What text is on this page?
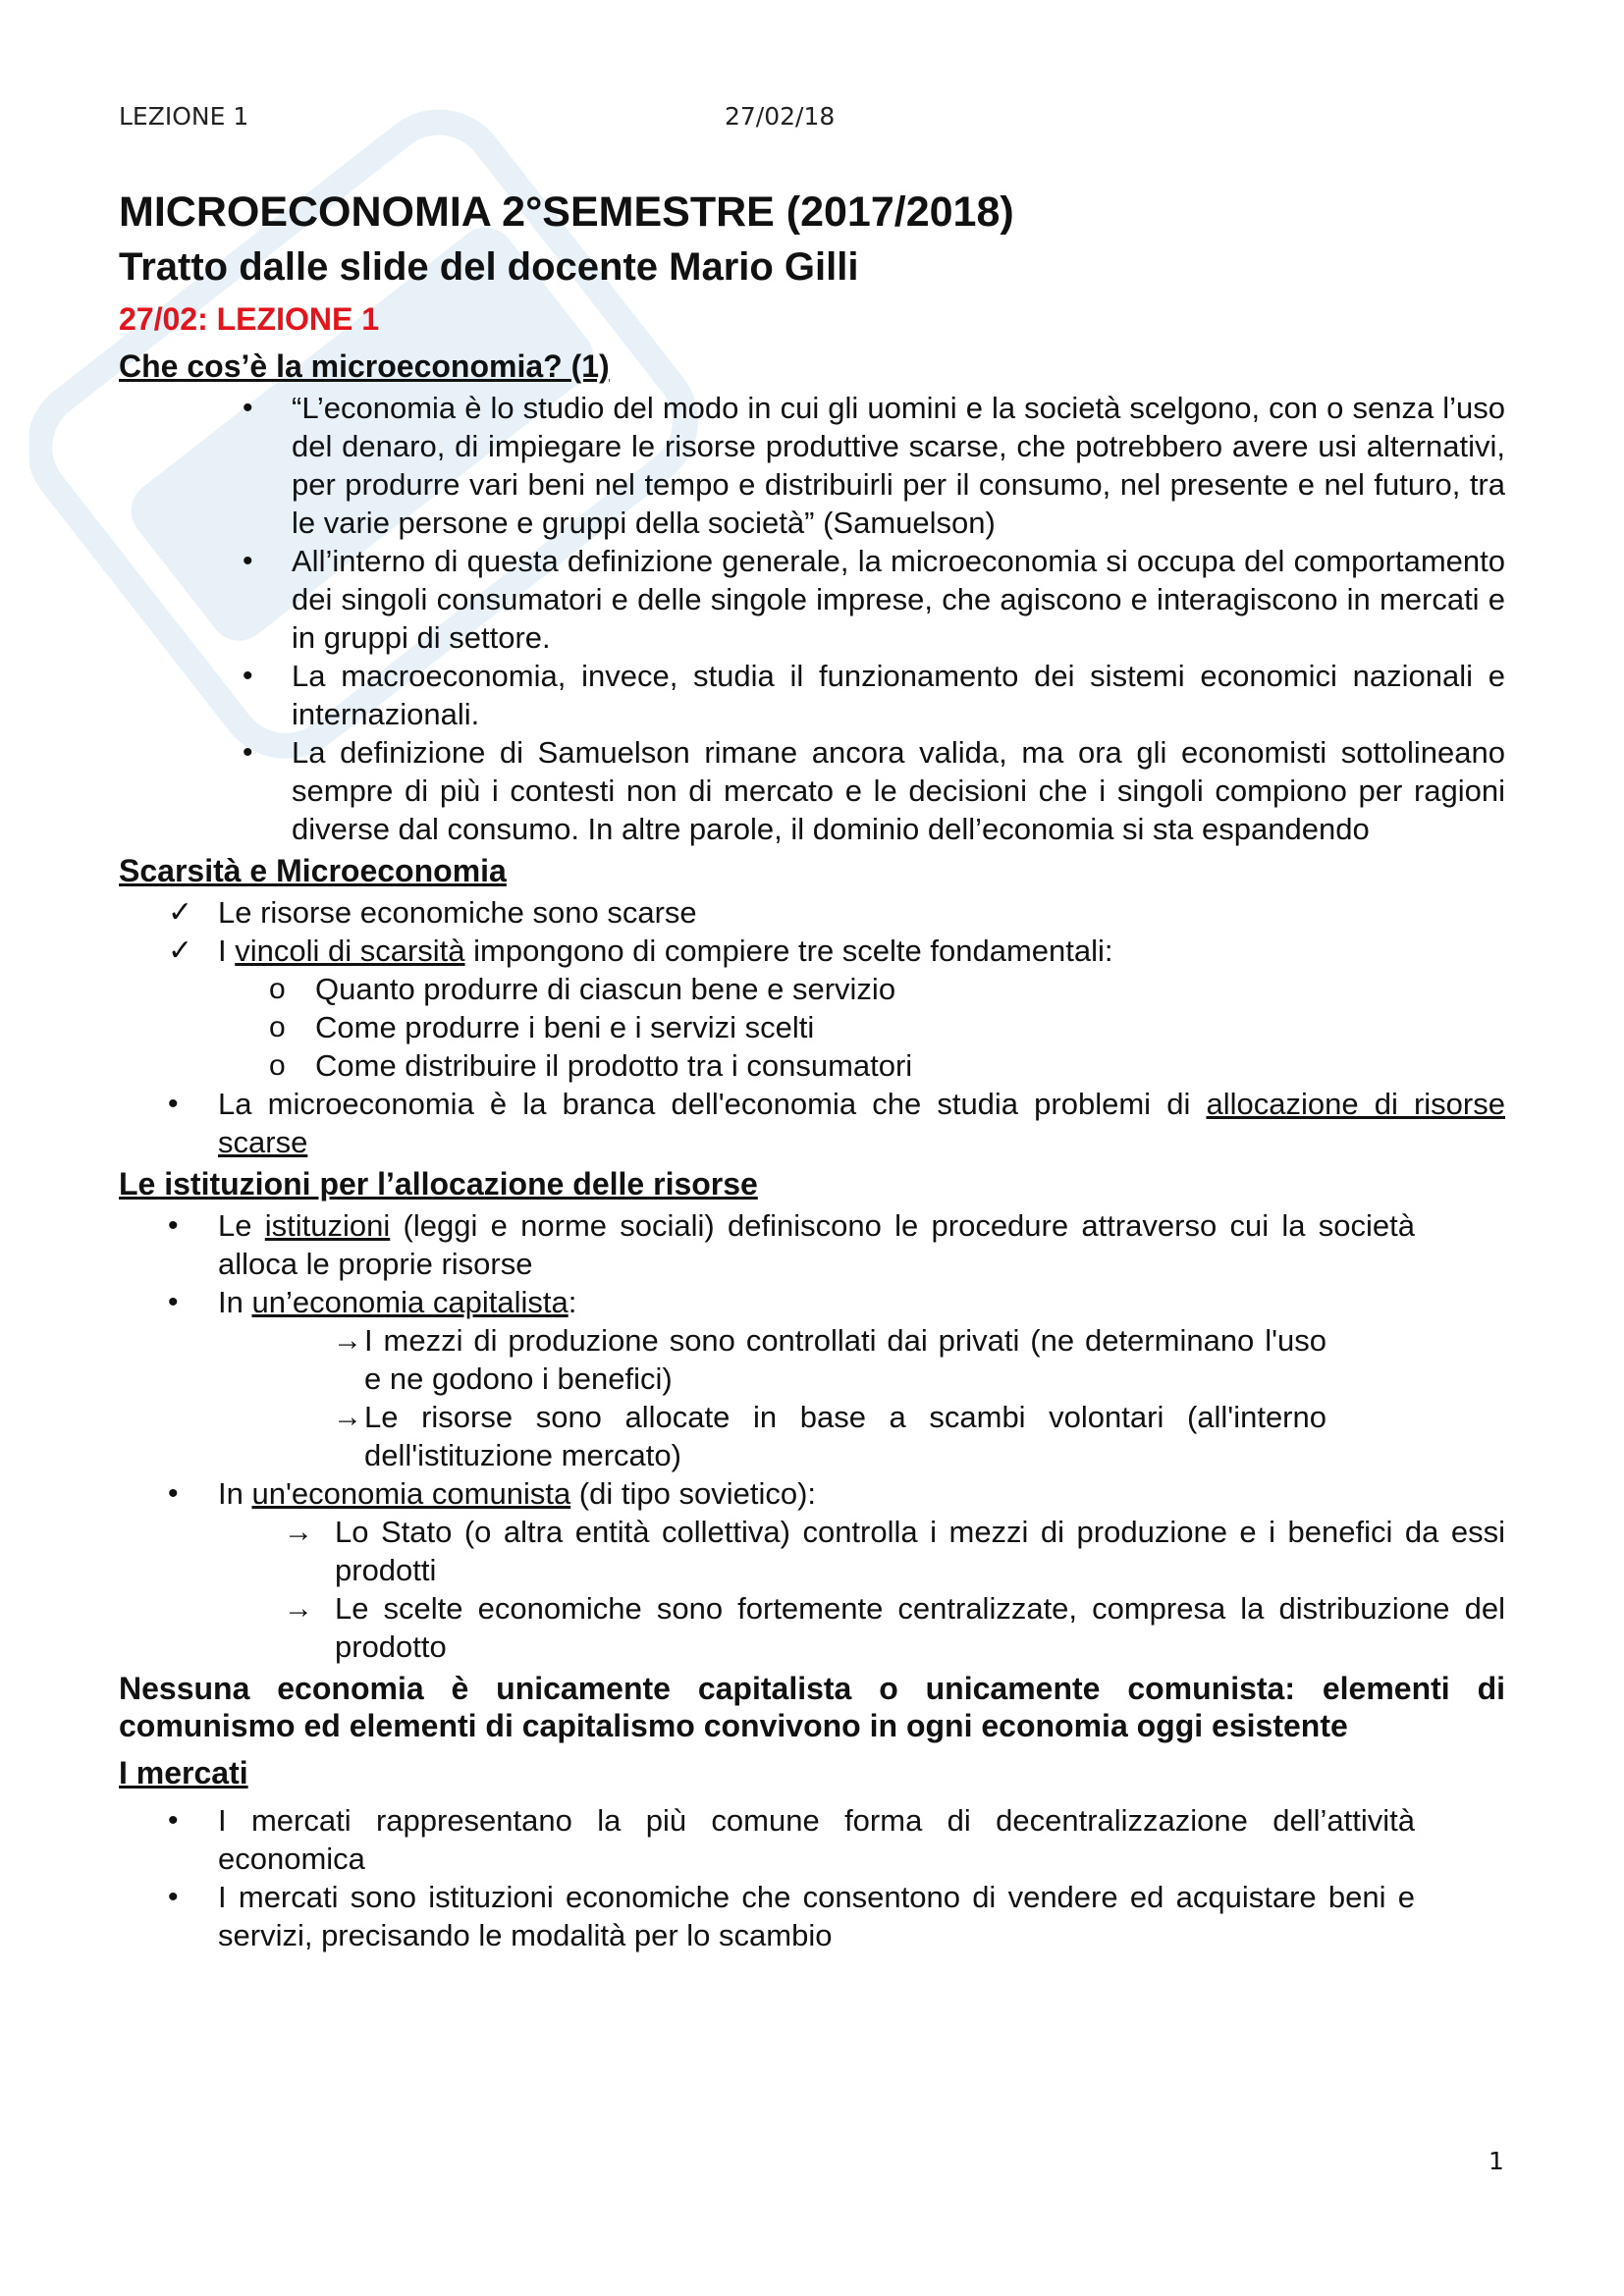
LEZIONE 1	27/02/18
MICROECONOMIA 2°SEMESTRE (2017/2018)
Tratto dalle slide del docente Mario Gilli

27/02: LEZIONE 1

Che cos’è la microeconomia? (1)

• “L’economia è lo studio del modo in cui gli uomini e la società scelgono, con o senza l’uso del denaro, di impiegare le risorse produttive scarse, che potrebbero avere usi alternativi, per produrre vari beni nel tempo e distribuirli per il consumo, nel presente e nel futuro, tra le varie persone e gruppi della società” (Samuelson)
• All’interno di questa definizione generale, la microeconomia si occupa del comportamento dei singoli consumatori e delle singole imprese, che agiscono e interagiscono in mercati e in gruppi di settore.
• La macroeconomia, invece, studia il funzionamento dei sistemi economici nazionali e internazionali.
• La definizione di Samuelson rimane ancora valida, ma ora gli economisti sottolineano sempre di più i contesti non di mercato e le decisioni che i singoli compiono per ragioni diverse dal consumo. In altre parole, il dominio dell’economia si sta espandendo

Scarsità e Microeconomia

✓ Le risorse economiche sono scarse
✓ I vincoli di scarsità impongono di compiere tre scelte fondamentali:
o Quanto produrre di ciascun bene e servizio
o Come produrre i beni e i servizi scelti
o Come distribuire il prodotto tra i consumatori
• La microeconomia è la branca dell'economia che studia problemi di allocazione di risorse scarse

Le istituzioni per l’allocazione delle risorse

• Le istituzioni (leggi e norme sociali) definiscono le procedure attraverso cui la società alloca le proprie risorse
• In un’economia capitalista:
→ I mezzi di produzione sono controllati dai privati (ne determinano l'uso e ne godono i benefici)
→ Le risorse sono allocate in base a scambi volontari (all'interno dell'istituzione mercato)
• In un'economia comunista (di tipo sovietico):
→ Lo Stato (o altra entità collettiva) controlla i mezzi di produzione e i benefici da essi prodotti
→ Le scelte economiche sono fortemente centralizzate, compresa la distribuzione del prodotto

Nessuna economia è unicamente capitalista o unicamente comunista: elementi di comunismo ed elementi di capitalismo convivono in ogni economia oggi esistente

I mercati

• I mercati rappresentano la più comune forma di decentralizzazione dell’attività economica
• I mercati sono istituzioni economiche che consentono di vendere ed acquistare beni e servizi, precisando le modalità per lo scambio
1
